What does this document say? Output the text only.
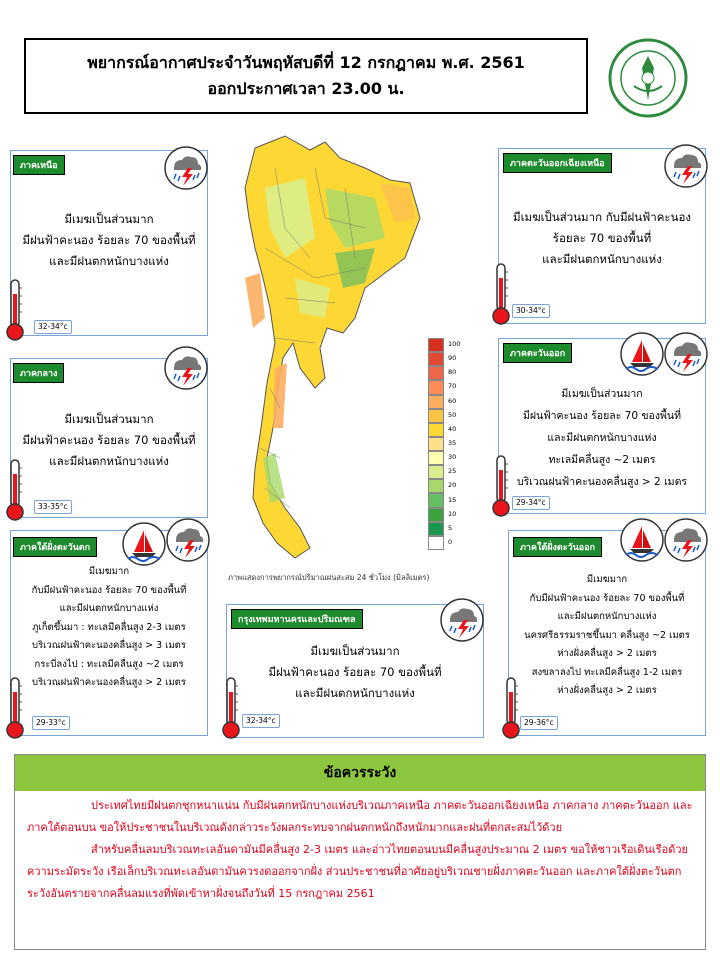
พยากรณ์อากาศประจำวันพฤหัสบดีที่ 12 กรกฎาคม พ.ศ. 2561
ออกประกาศเวลา 23.00 น.
100
90
80
70
60
50
40
35
30
25
20
15
10
5
0
ภาพแสดงการพยากรณ์ปริมาณฝนสะสม 24 ชั่วโมง (มิลลิเมตร)
ภาคเหนือ
มีเมฆเป็นส่วนมาก
มีฝนฟ้าคะนอง ร้อยละ 70 ของพื้นที่
และมีฝนตกหนักบางแห่ง
32-34°c
ภาคตะวันออกเฉียงเหนือ
มีเมฆเป็นส่วนมาก กับมีฝนฟ้าคะนอง
ร้อยละ 70 ของพื้นที่
และมีฝนตกหนักบางแห่ง
30-34°c
ภาคกลาง
มีเมฆเป็นส่วนมาก
มีฝนฟ้าคะนอง ร้อยละ 70 ของพื้นที่
และมีฝนตกหนักบางแห่ง
33-35°c
ภาคตะวันออก
มีเมฆเป็นส่วนมาก
มีฝนฟ้าคะนอง ร้อยละ 70 ของพื้นที่
และมีฝนตกหนักบางแห่ง
ทะเลมีคลื่นสูง ~2 เมตร
บริเวณฝนฟ้าคะนองคลื่นสูง > 2 เมตร
29-34°c
ภาคใต้ฝั่งตะวันตก
มีเมฆมาก
กับมีฝนฟ้าคะนอง ร้อยละ 70 ของพื้นที่
และมีฝนตกหนักบางแห่ง
ภูเก็ตขึ้นมา : ทะเลมีคลื่นสูง 2-3 เมตร
บริเวณฝนฟ้าคะนองคลื่นสูง > 3 เมตร
กระบี่ลงไป : ทะเลมีคลื่นสูง ~2 เมตร
บริเวณฝนฟ้าคะนองคลื่นสูง > 2 เมตร
29-33°c
ภาคใต้ฝั่งตะวันออก
มีเมฆมาก
กับมีฝนฟ้าคะนอง ร้อยละ 70 ของพื้นที่
และมีฝนตกหนักบางแห่ง
นครศรีธรรมราชขึ้นมา คลื่นสูง ~2 เมตร
ห่างฝั่งคลื่นสูง > 2 เมตร
สงขลาลงไป ทะเลมีคลื่นสูง 1-2 เมตร
ห่างฝั่งคลื่นสูง > 2 เมตร
29-36°c
กรุงเทพมหานครและปริมณฑล
มีเมฆเป็นส่วนมาก
มีฝนฟ้าคะนอง ร้อยละ 70 ของพื้นที่
และมีฝนตกหนักบางแห่ง
32-34°c
ข้อควรระวัง

ประเทศไทยมีฝนตกชุกหนาแน่น กับมีฝนตกหนักบางแห่งบริเวณภาคเหนือ ภาคตะวันออกเฉียงเหนือ ภาคกลาง ภาคตะวันออก และภาคใต้ตอนบน ขอให้ประชาชนในบริเวณดังกล่าวระวังผลกระทบจากฝนตกหนักถึงหนักมากและฝนที่ตกสะสมไว้ด้วย

สำหรับคลื่นลมบริเวณทะเลอันดามันมีคลื่นสูง 2-3 เมตร และอ่าวไทยตอนบนมีคลื่นสูงประมาณ 2 เมตร ขอให้ชาวเรือเดินเรือด้วยความระมัดระวัง เรือเล็กบริเวณทะเลอันดามันควรงดออกจากฝั่ง ส่วนประชาชนที่อาศัยอยู่บริเวณชายฝั่งภาคตะวันออก และภาคใต้ฝั่งตะวันตก ระวังอันตรายจากคลื่นลมแรงที่พัดเข้าหาฝั่งจนถึงวันที่ 15 กรกฎาคม 2561
